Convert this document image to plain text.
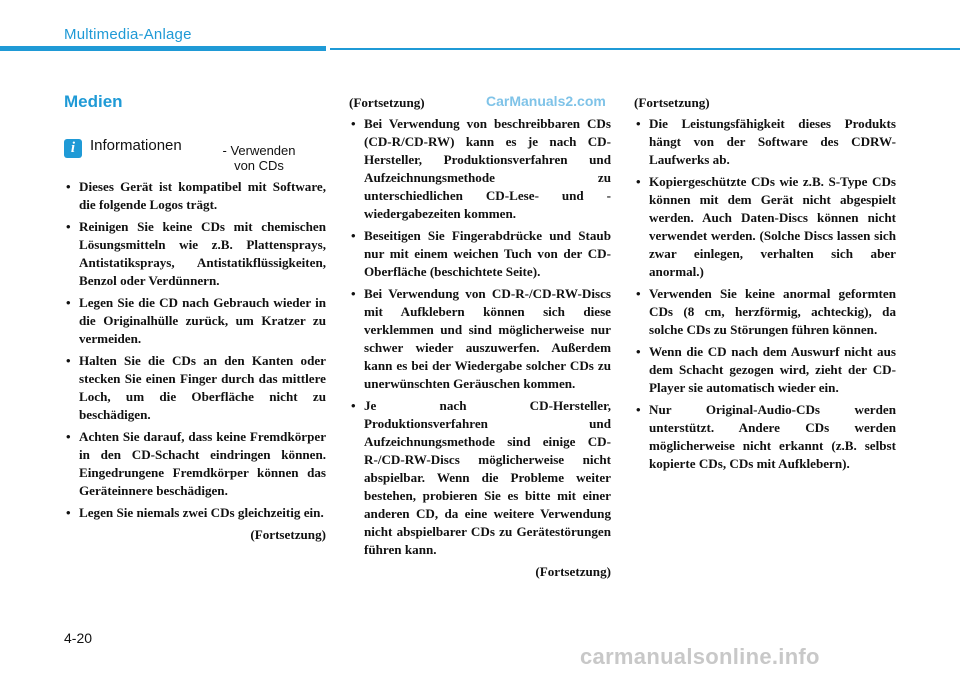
Multimedia-Anlage
Medien
i Informationen	- Verwenden von CDs
• Dieses Gerät ist kompatibel mit Software, die folgende Logos trägt.
• Reinigen Sie keine CDs mit chemischen Lösungsmitteln wie z.B. Plattensprays, Antistatiksprays, Antistatikflüssigkeiten, Benzol oder Verdünnern.
• Legen Sie die CD nach Gebrauch wieder in die Originalhülle zurück, um Kratzer zu vermeiden.
• Halten Sie die CDs an den Kanten oder stecken Sie einen Finger durch das mittlere Loch, um die Oberfläche nicht zu beschädigen.
• Achten Sie darauf, dass keine Fremdkörper in den CD-Schacht eindringen können. Eingedrungene Fremdkörper können das Geräteinnere beschädigen.
• Legen Sie niemals zwei CDs gleichzeitig ein.
(Fortsetzung)
(Fortsetzung)
• Bei Verwendung von beschreibbaren CDs (CD-R/CD-RW) kann es je nach CD-Hersteller, Produktionsverfahren und Aufzeichnungsmethode zu unterschiedlichen CD-Lese- und -wiedergabezeiten kommen.
• Beseitigen Sie Fingerabdrücke und Staub nur mit einem weichen Tuch von der CD-Oberfläche (beschichtete Seite).
• Bei Verwendung von CD-R-/CD-RW-Discs mit Aufklebern können sich diese verklemmen und sind möglicherweise nur schwer wieder auszuwerfen. Außerdem kann es bei der Wiedergabe solcher CDs zu unerwünschten Geräuschen kommen.
• Je nach CD-Hersteller, Produktionsverfahren und Aufzeichnungsmethode sind einige CD-R-/CD-RW-Discs möglicherweise nicht abspielbar. Wenn die Probleme weiter bestehen, probieren Sie es bitte mit einer anderen CD, da eine weitere Verwendung nicht abspielbarer CDs zu Gerätestörungen führen kann.
(Fortsetzung)
(Fortsetzung)
• Die Leistungsfähigkeit dieses Produkts hängt von der Software des CDRW-Laufwerks ab.
• Kopiergeschützte CDs wie z.B. S-Type CDs können mit dem Gerät nicht abgespielt werden. Auch Daten-Discs können nicht verwendet werden. (Solche Discs lassen sich zwar einlegen, verhalten sich aber anormal.)
• Verwenden Sie keine anormal geformten CDs (8 cm, herzförmig, achteckig), da solche CDs zu Störungen führen können.
• Wenn die CD nach dem Auswurf nicht aus dem Schacht gezogen wird, zieht der CD-Player sie automatisch wieder ein.
• Nur Original-Audio-CDs werden unterstützt. Andere CDs werden möglicherweise nicht erkannt (z.B. selbst kopierte CDs, CDs mit Aufklebern).
CarManuals2.com
4-20
carmanualsonline.info
